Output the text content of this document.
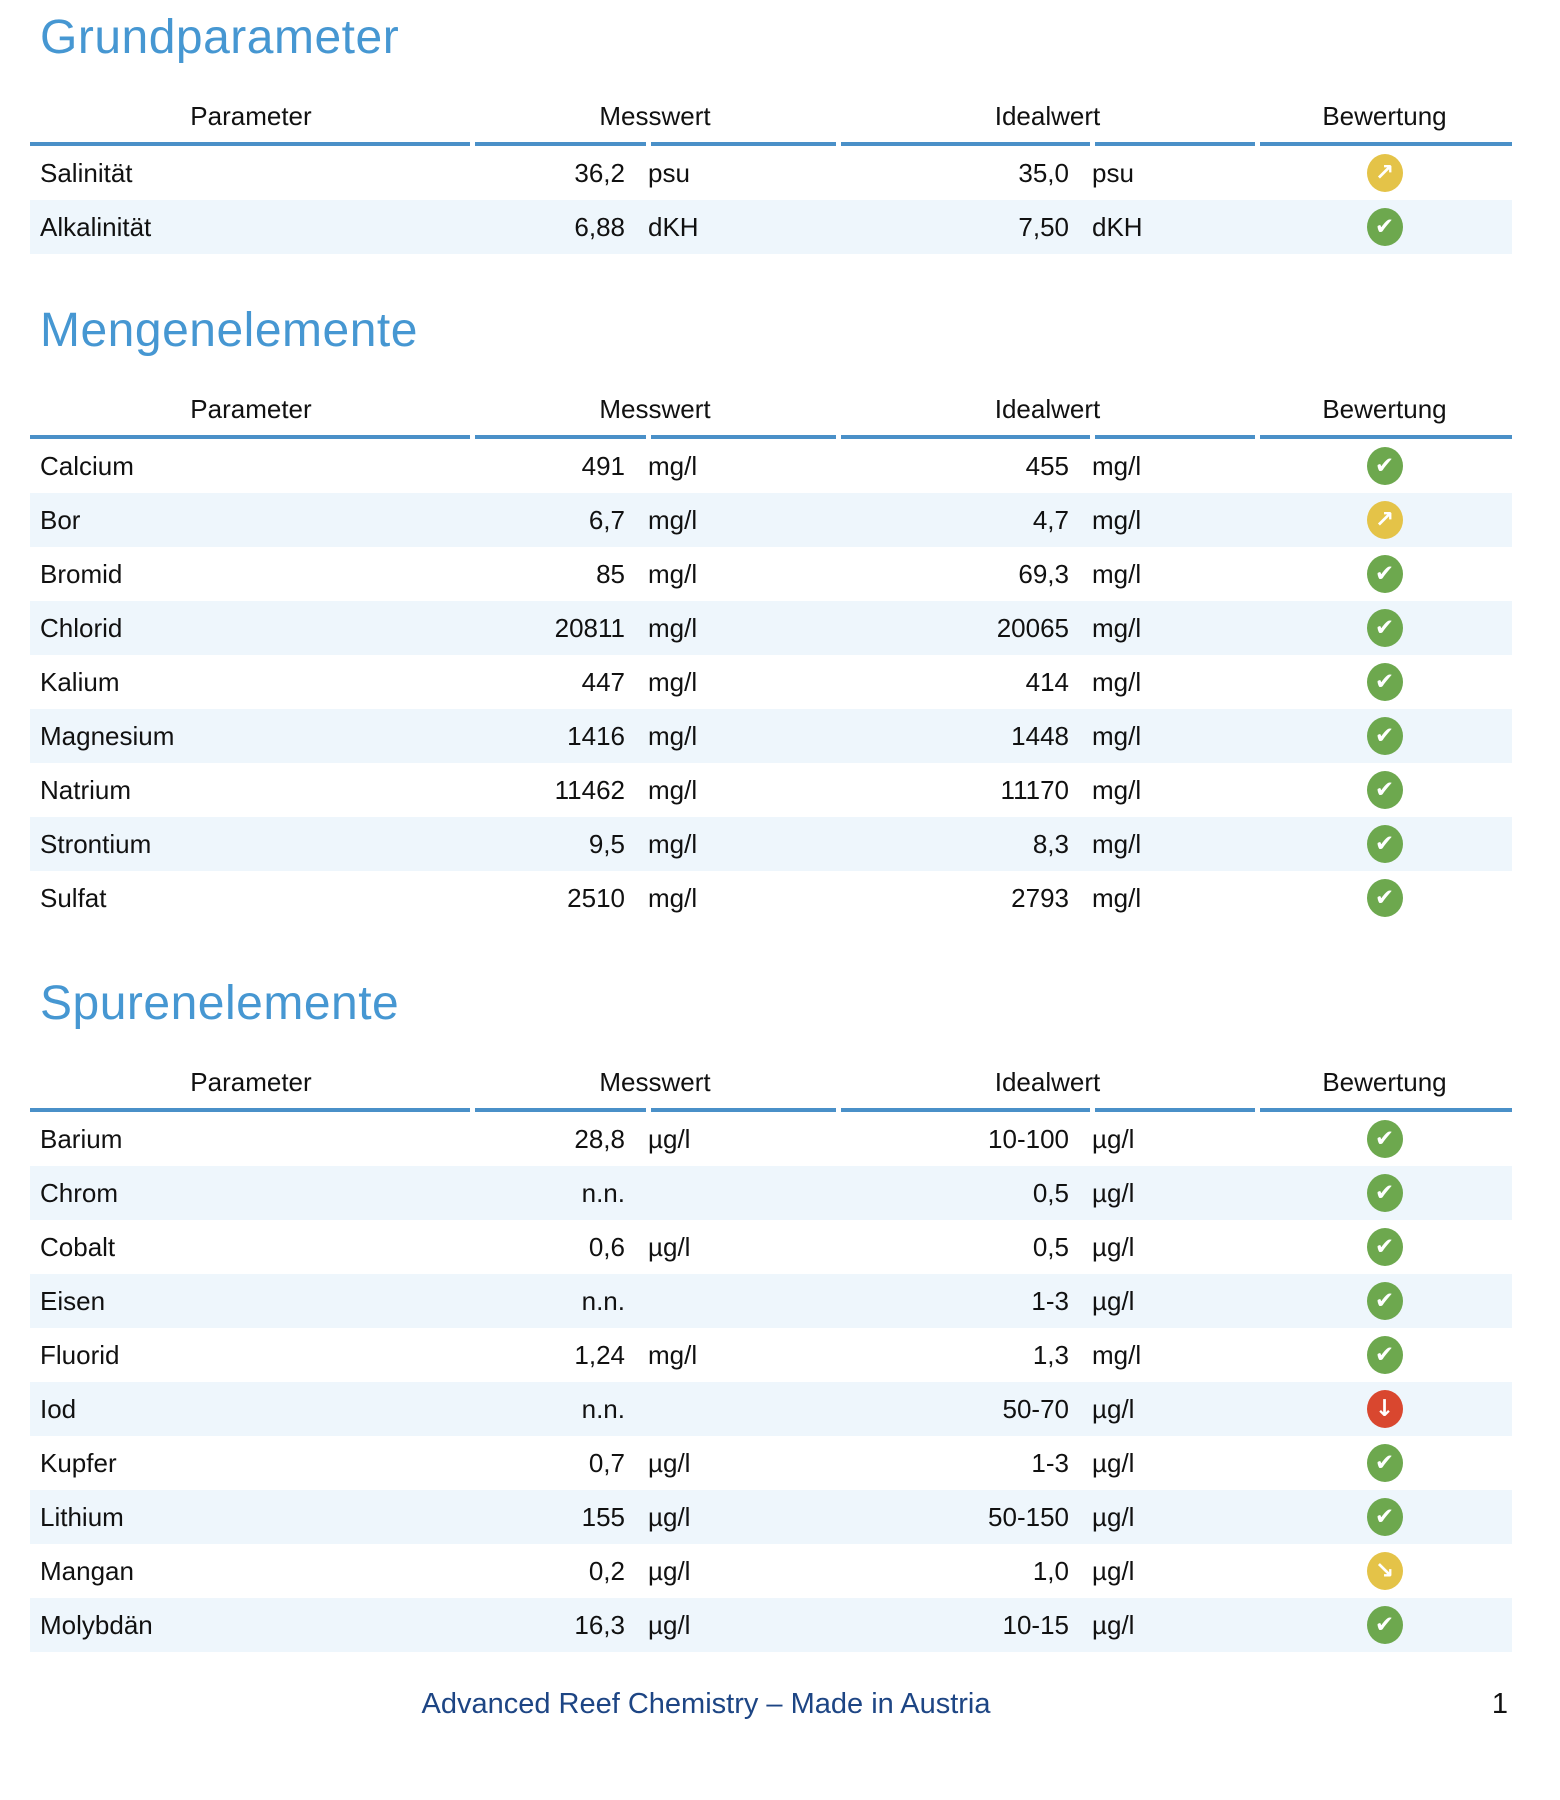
Grundparameter
Parameter	Messwert	Idealwert	Bewertung
Salinität	36,2 psu	35,0 psu	↗
Alkalinität	6,88 dKH	7,50 dKH	✔
Mengenelemente
Parameter	Messwert	Idealwert	Bewertung
Calcium	491 mg/l	455 mg/l	✔
Bor	6,7 mg/l	4,7 mg/l	↗
Bromid	85 mg/l	69,3 mg/l	✔
Chlorid	20811 mg/l	20065 mg/l	✔
Kalium	447 mg/l	414 mg/l	✔
Magnesium	1416 mg/l	1448 mg/l	✔
Natrium	11462 mg/l	11170 mg/l	✔
Strontium	9,5 mg/l	8,3 mg/l	✔
Sulfat	2510 mg/l	2793 mg/l	✔
Spurenelemente
Parameter	Messwert	Idealwert	Bewertung
Barium	28,8 µg/l	10-100 µg/l	✔
Chrom	n.n.	0,5 µg/l	✔
Cobalt	0,6 µg/l	0,5 µg/l	✔
Eisen	n.n.	1-3 µg/l	✔
Fluorid	1,24 mg/l	1,3 mg/l	✔
Iod	n.n.	50-70 µg/l	↓
Kupfer	0,7 µg/l	1-3 µg/l	✔
Lithium	155 µg/l	50-150 µg/l	✔
Mangan	0,2 µg/l	1,0 µg/l	↘
Molybdän	16,3 µg/l	10-15 µg/l	✔
Advanced Reef Chemistry – Made in Austria	1
